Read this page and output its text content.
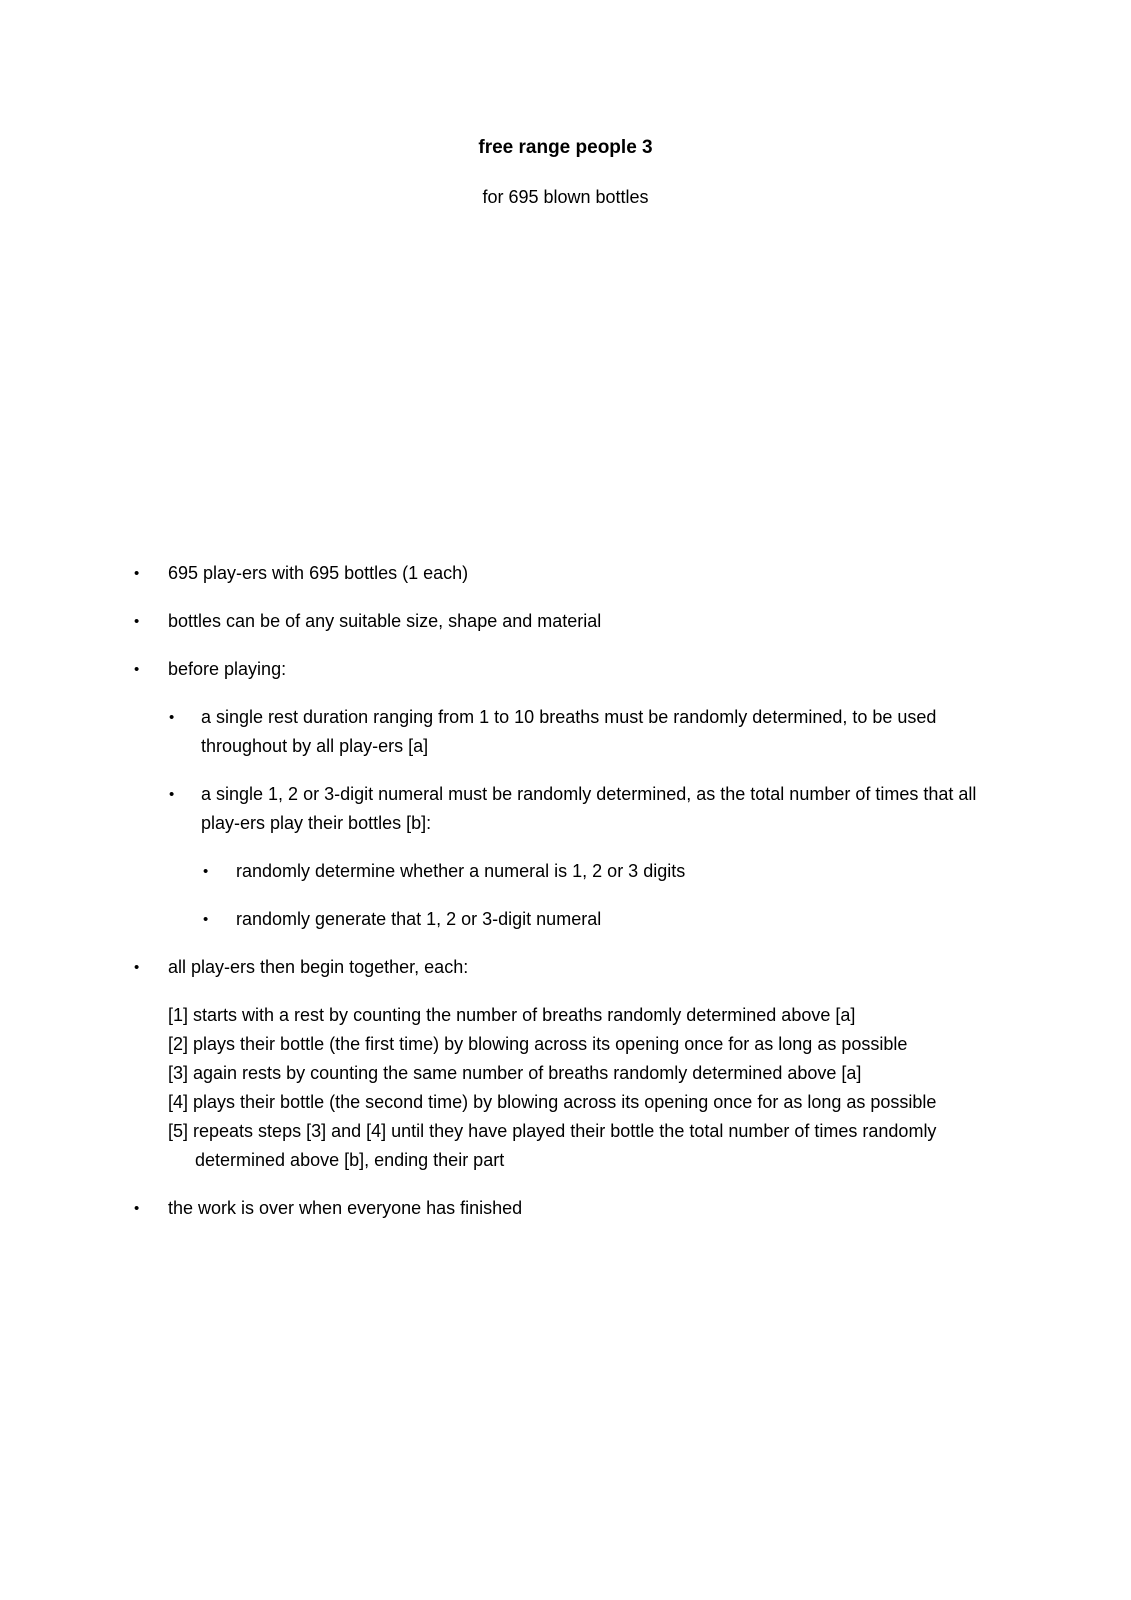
free range people 3
for 695 blown bottles
•	695 play-ers with 695 bottles (1 each)
•	bottles can be of any suitable size, shape and material
•	before playing:
•	a single rest duration ranging from 1 to 10 breaths must be randomly determined, to be used throughout by all play-ers [a]
•	a single 1, 2 or 3-digit numeral must be randomly determined, as the total number of times that all play-ers play their bottles [b]:
•	randomly determine whether a numeral is 1, 2 or 3 digits
•	randomly generate that 1, 2 or 3-digit numeral
•	all play-ers then begin together, each:
[1] starts with a rest by counting the number of breaths randomly determined above [a]
[2] plays their bottle (the first time) by blowing across its opening once for as long as possible
[3] again rests by counting the same number of breaths randomly determined above [a]
[4] plays their bottle (the second time) by blowing across its opening once for as long as possible
[5] repeats steps [3] and [4] until they have played their bottle the total number of times randomly determined above [b], ending their part
•	the work is over when everyone has finished
